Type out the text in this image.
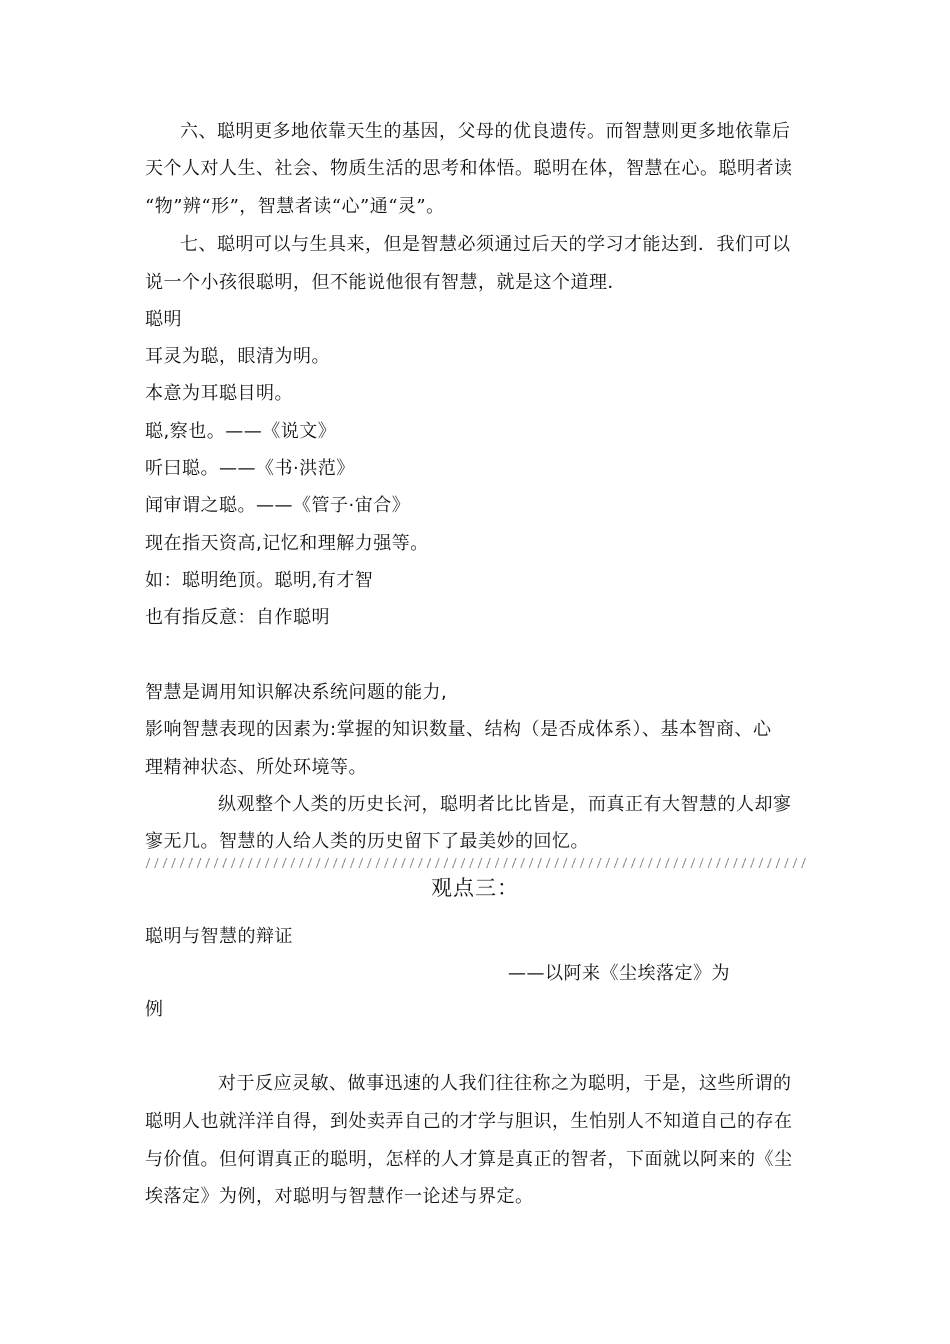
六、聪明更多地依靠天生的基因，父母的优良遗传。而智慧则更多地依靠后
天个人对人生、社会、物质生活的思考和体悟。聪明在体，智慧在心。聪明者读
“物”辨“形”，智慧者读“心”通“灵”。
七、聪明可以与生具来，但是智慧必须通过后天的学习才能达到．我们可以
说一个小孩很聪明，但不能说他很有智慧，就是这个道理．
聪明
耳灵为聪，眼清为明。
本意为耳聪目明。
聪,察也。——《说文》
听曰聪。——《书·洪范》
闻审谓之聪。——《管子·宙合》
现在指天资高,记忆和理解力强等。
如：聪明绝顶。聪明,有才智
也有指反意：自作聪明
智慧是调用知识解决系统问题的能力,
影响智慧表现的因素为:掌握的知识数量、结构（是否成体系）、基本智商、心
理精神状态、所处环境等。
纵观整个人类的历史长河，聪明者比比皆是，而真正有大智慧的人却寥
寥无几。智慧的人给人类的历史留下了最美妙的回忆。
观点三：
聪明与智慧的辩证
——以阿来《尘埃落定》为
例
对于反应灵敏、做事迅速的人我们往往称之为聪明，于是，这些所谓的
聪明人也就洋洋自得，到处卖弄自己的才学与胆识，生怕别人不知道自己的存在
与价值。但何谓真正的聪明，怎样的人才算是真正的智者，下面就以阿来的《尘
埃落定》为例，对聪明与智慧作一论述与界定。
